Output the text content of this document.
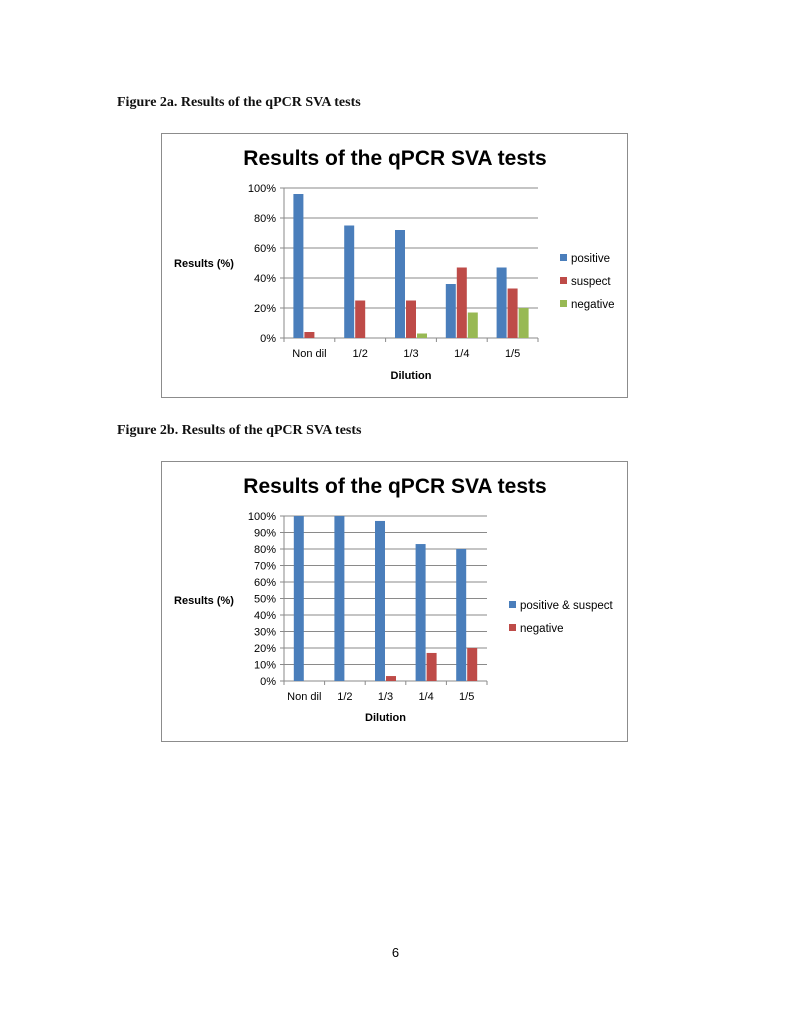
Figure 2a. Results of the qPCR SVA tests
Results of the qPCR SVA tests
0%
20%
40%
60%
80%
100%
Non dil 1/2	1/3	1/4	1/5
Results (%)
Dilution
positive
suspect
negative
Figure 2b. Results of the qPCR SVA tests
Results of the qPCR SVA tests
0%
10%
20%
30%
40%
50%
60%
70%
80%
90%
100%
Non dil 1/2 1/3 1/4 1/5
Results (%)
Dilution
positive & suspect
negative
6
